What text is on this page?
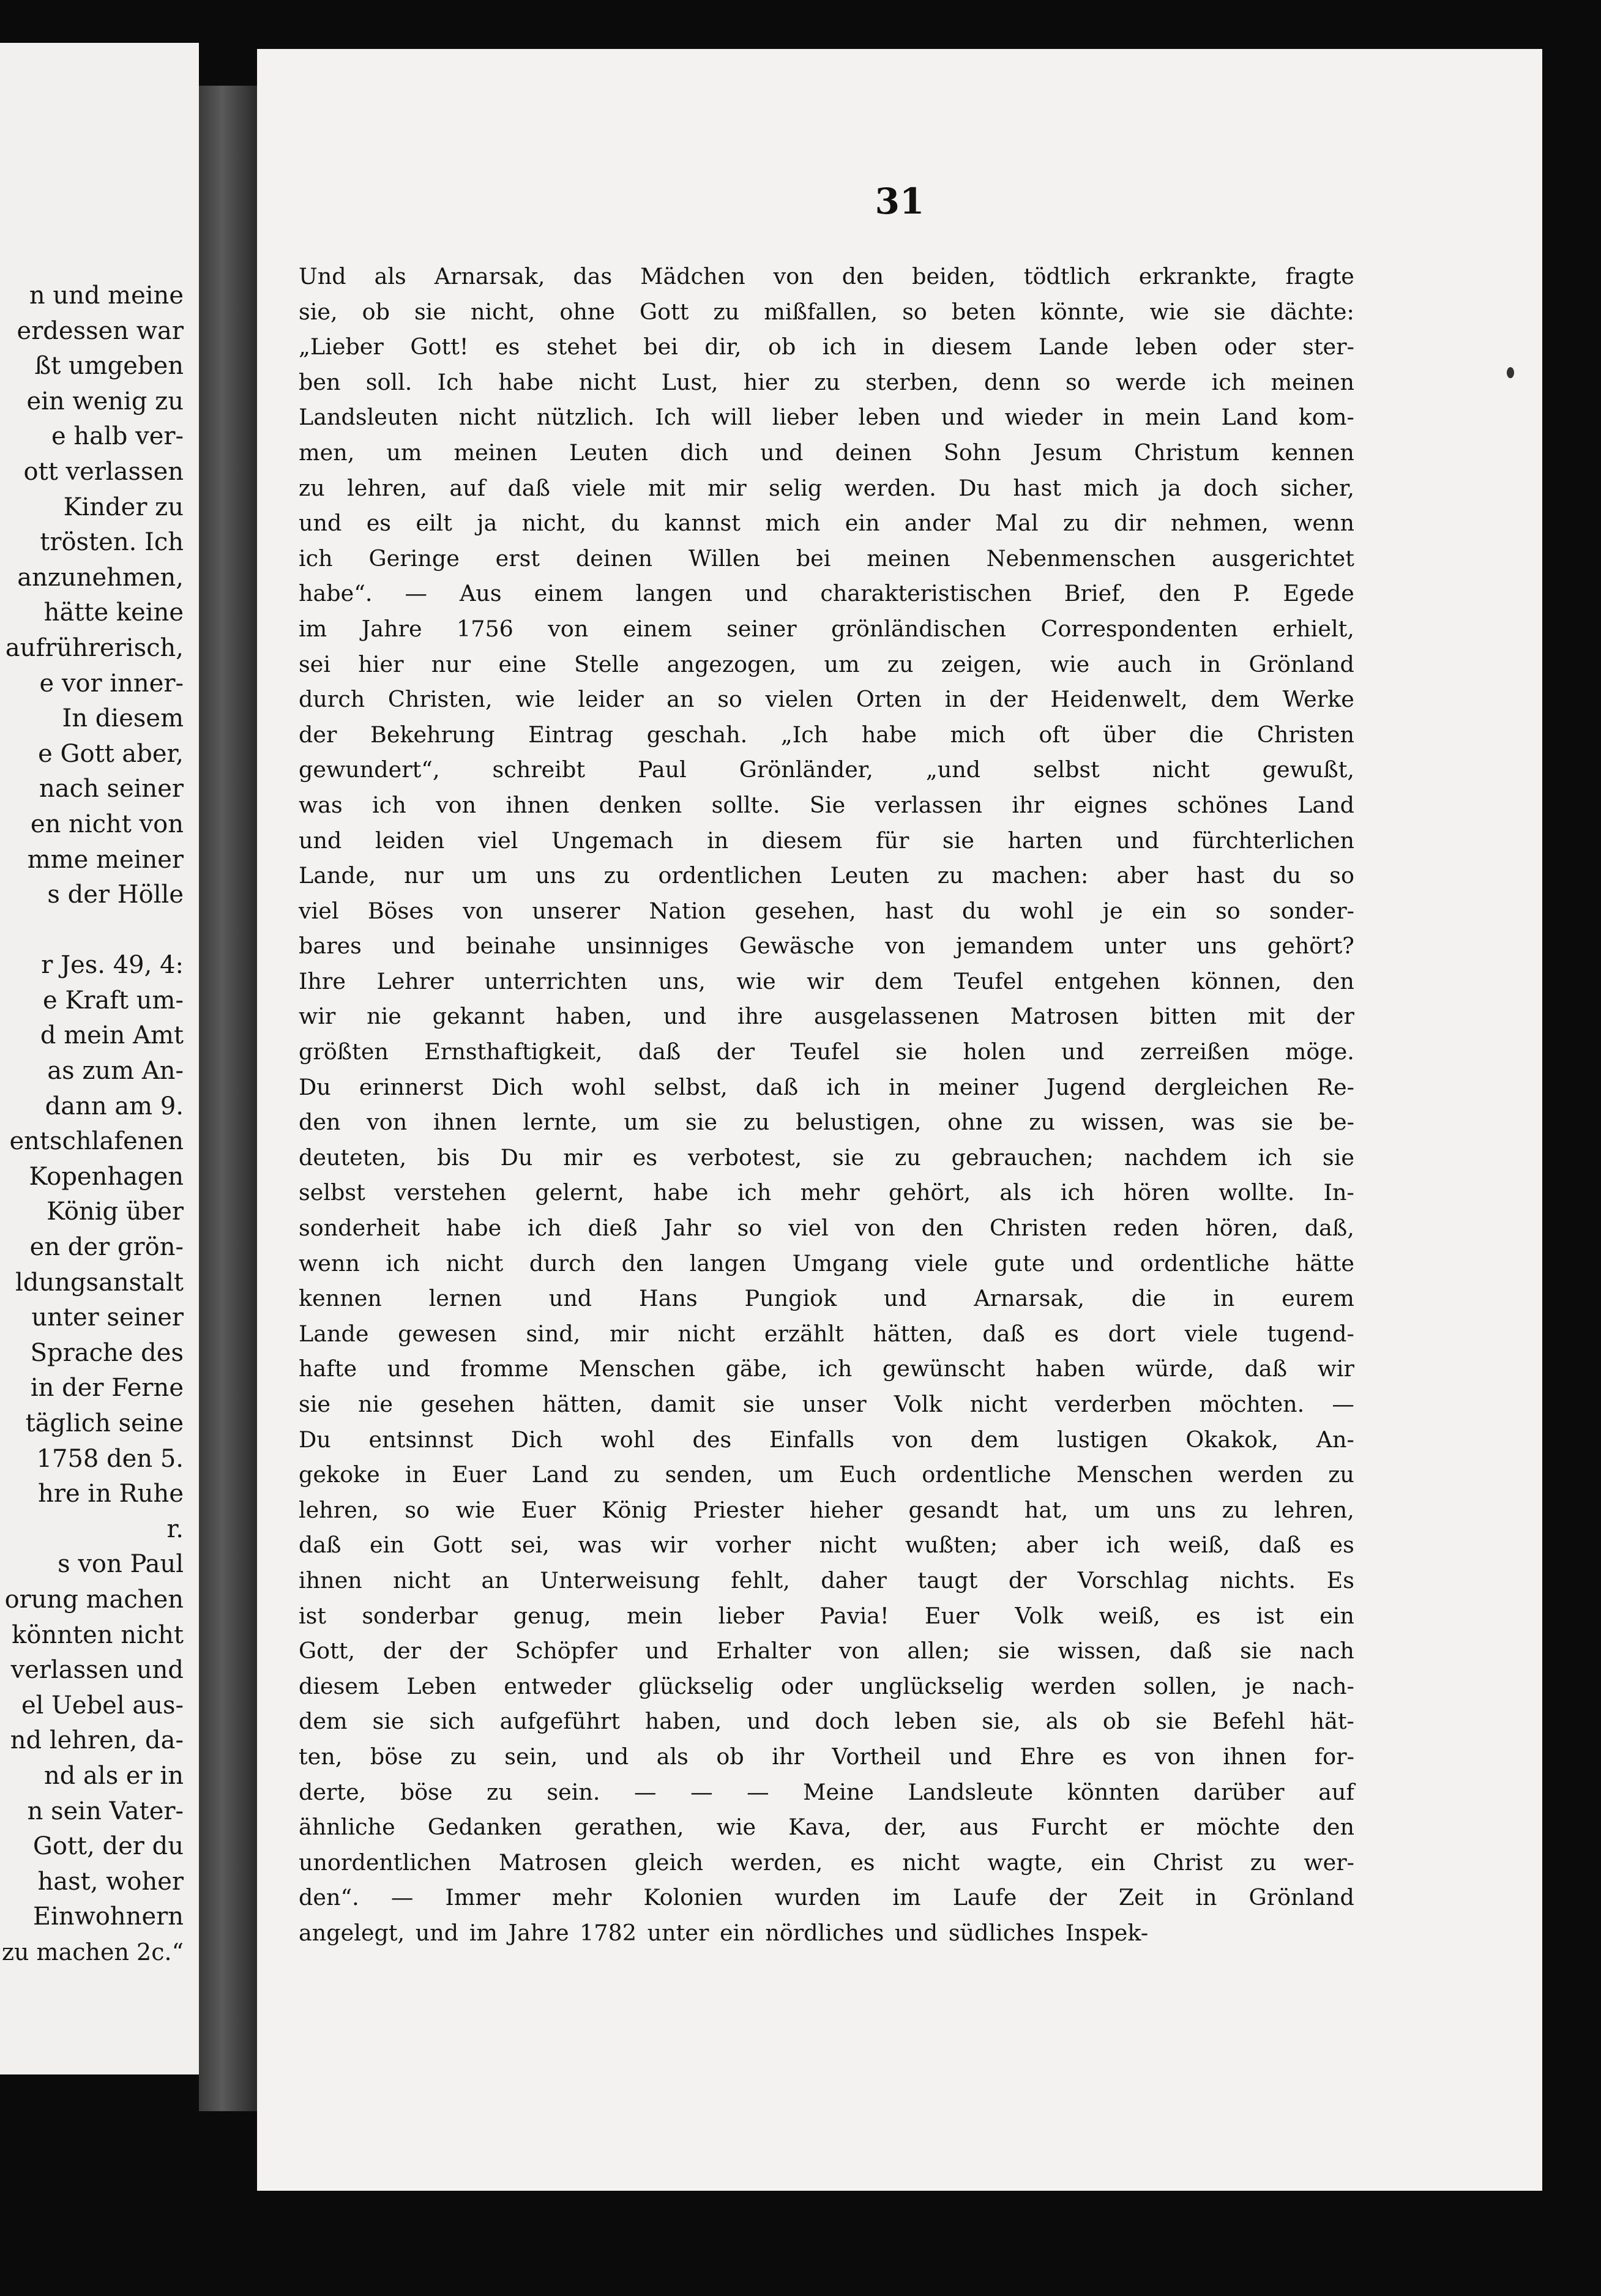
n und meine
erdessen war
ßt umgeben
ein wenig zu
e halb ver-
ott verlassen
Kinder zu
trösten. Ich
anzunehmen,
hätte keine
aufrührerisch,
e vor inner-
In diesem
e Gott aber,
nach seiner
en nicht von
mme meiner
s der Hölle
r Jes. 49, 4:
e Kraft um-
d mein Amt
as zum An-
dann am 9.
entschlafenen
Kopenhagen
König über
en der grön-
ldungsanstalt
unter seiner
Sprache des
in der Ferne
täglich seine
1758 den 5.
hre in Ruhe
r.
s von Paul
orung machen
könnten nicht
verlassen und
el Uebel aus-
nd lehren, da-
nd als er in
n sein Vater-
Gott, der du
hast, woher
Einwohnern
zu machen 2c.“
31
Und als Arnarsak, das Mädchen von den beiden, tödtlich erkrankte, fragte
sie, ob sie nicht, ohne Gott zu mißfallen, so beten könnte, wie sie dächte:
„Lieber Gott! es stehet bei dir, ob ich in diesem Lande leben oder ster-
ben soll. Ich habe nicht Lust, hier zu sterben, denn so werde ich meinen
Landsleuten nicht nützlich. Ich will lieber leben und wieder in mein Land kom-
men, um meinen Leuten dich und deinen Sohn Jesum Christum kennen
zu lehren, auf daß viele mit mir selig werden. Du hast mich ja doch sicher,
und es eilt ja nicht, du kannst mich ein ander Mal zu dir nehmen, wenn
ich Geringe erst deinen Willen bei meinen Nebenmenschen ausgerichtet
habe“. — Aus einem langen und charakteristischen Brief, den P. Egede
im Jahre 1756 von einem seiner grönländischen Correspondenten erhielt,
sei hier nur eine Stelle angezogen, um zu zeigen, wie auch in Grönland
durch Christen, wie leider an so vielen Orten in der Heidenwelt, dem Werke
der Bekehrung Eintrag geschah. „Ich habe mich oft über die Christen
gewundert“, schreibt Paul Grönländer, „und selbst nicht gewußt,
was ich von ihnen denken sollte. Sie verlassen ihr eignes schönes Land
und leiden viel Ungemach in diesem für sie harten und fürchterlichen
Lande, nur um uns zu ordentlichen Leuten zu machen: aber hast du so
viel Böses von unserer Nation gesehen, hast du wohl je ein so sonder-
bares und beinahe unsinniges Gewäsche von jemandem unter uns gehört?
Ihre Lehrer unterrichten uns, wie wir dem Teufel entgehen können, den
wir nie gekannt haben, und ihre ausgelassenen Matrosen bitten mit der
größten Ernsthaftigkeit, daß der Teufel sie holen und zerreißen möge.
Du erinnerst Dich wohl selbst, daß ich in meiner Jugend dergleichen Re-
den von ihnen lernte, um sie zu belustigen, ohne zu wissen, was sie be-
deuteten, bis Du mir es verbotest, sie zu gebrauchen; nachdem ich sie
selbst verstehen gelernt, habe ich mehr gehört, als ich hören wollte. In-
sonderheit habe ich dieß Jahr so viel von den Christen reden hören, daß,
wenn ich nicht durch den langen Umgang viele gute und ordentliche hätte
kennen lernen und Hans Pungiok und Arnarsak, die in eurem
Lande gewesen sind, mir nicht erzählt hätten, daß es dort viele tugend-
hafte und fromme Menschen gäbe, ich gewünscht haben würde, daß wir
sie nie gesehen hätten, damit sie unser Volk nicht verderben möchten. —
Du entsinnst Dich wohl des Einfalls von dem lustigen Okakok, An-
gekoke in Euer Land zu senden, um Euch ordentliche Menschen werden zu
lehren, so wie Euer König Priester hieher gesandt hat, um uns zu lehren,
daß ein Gott sei, was wir vorher nicht wußten; aber ich weiß, daß es
ihnen nicht an Unterweisung fehlt, daher taugt der Vorschlag nichts. Es
ist sonderbar genug, mein lieber Pavia! Euer Volk weiß, es ist ein
Gott, der der Schöpfer und Erhalter von allen; sie wissen, daß sie nach
diesem Leben entweder glückselig oder unglückselig werden sollen, je nach-
dem sie sich aufgeführt haben, und doch leben sie, als ob sie Befehl hät-
ten, böse zu sein, und als ob ihr Vortheil und Ehre es von ihnen for-
derte, böse zu sein. — — — Meine Landsleute könnten darüber auf
ähnliche Gedanken gerathen, wie Kava, der, aus Furcht er möchte den
unordentlichen Matrosen gleich werden, es nicht wagte, ein Christ zu wer-
den“. — Immer mehr Kolonien wurden im Laufe der Zeit in Grönland
angelegt, und im Jahre 1782 unter ein nördliches und südliches Inspek-
